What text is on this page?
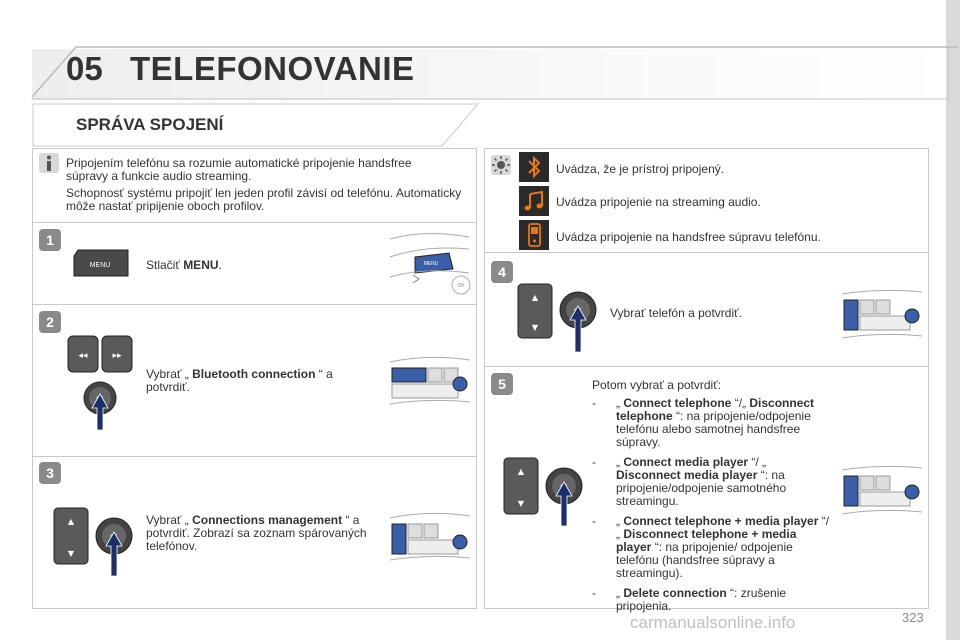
05 TELEFONOVANIE
SPRÁVA SPOJENÍ
Pripojením telefónu sa rozumie automatické pripojenie handsfree súpravy a funkcie audio streaming.
Schopnosť systému pripojiť len jeden profil závisí od telefónu. Automaticky môže nastať pripijenie oboch profilov.
1
MENU	Stlačiť MENU.	MENU
OK
2
◂◂	▸▸
Vybrať „ Bluetooth connection “ a potvrdiť.
3
▲
▼
Vybrať „ Connections management “ a potvrdiť. Zobrazí sa zoznam spárovaných telefónov.
Uvádza, že je prístroj pripojený.
Uvádza pripojenie na streaming audio.
Uvádza pripojenie na handsfree súpravu telefónu.
4
▲
▼
Vybrať telefón a potvrdiť.
5
▲
▼
Potom vybrať a potvrdiť:
- „ Connect telephone “/„ Disconnect telephone “: na pripojenie/odpojenie telefónu alebo samotnej handsfree súpravy.
- „ Connect media player “/ „ Disconnect media player “: na pripojenie/odpojenie samotného streamingu.
- „ Connect telephone + media player “/„ Disconnect telephone + media player “: na pripojenie/ odpojenie telefónu (handsfree súpravy a streamingu).
- „ Delete connection “: zrušenie pripojenia.
carmanualsonline.info	323
